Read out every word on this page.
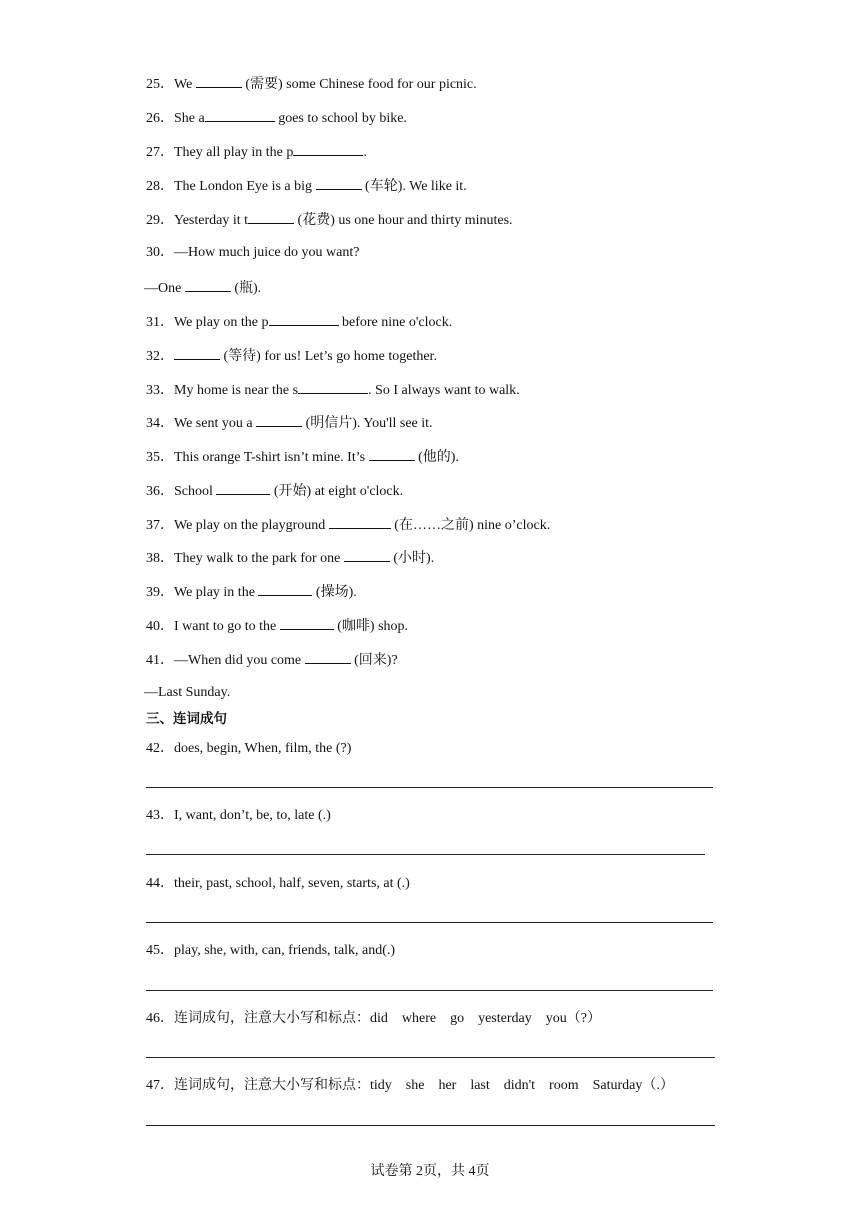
25．We	(需要) some Chinese food for our picnic.
26．She a	goes to school by bike.
27．They all play in the p	.
28．The London Eye is a big	(车轮). We like it.
29．Yesterday it t	(花费) us one hour and thirty minutes.
30．—How much juice do you want?
—One	(瓶).
31．We play on the p	before nine o'clock.
32．	(等待) for us! Let’s go home together.
33．My home is near the s	. So I always want to walk.
34．We sent you a	(明信片). You'll see it.
35．This orange T-shirt isn’t mine. It’s	(他的).
36．School	(开始) at eight o'clock.
37．We play on the playground	(在……之前) nine o’clock.
38．They walk to the park for one	(小时).
39．We play in the	(操场).
40．I want to go to the	(咖啡) shop.
41．—When did you come	(回来)?
—Last Sunday.
三、连词成句
42．does, begin, When, film, the (?)
43．I, want, don’t, be, to, late (.)
44．their, past, school, half, seven, starts, at (.)
45．play, she, with, can, friends, talk, and(.)
46．连词成句，注意大小写和标点：did    where    go    yesterday    you（?）
47．连词成句，注意大小写和标点：tidy    she    her    last    didn't    room    Saturday（.）
试卷第 2页，共 4页
